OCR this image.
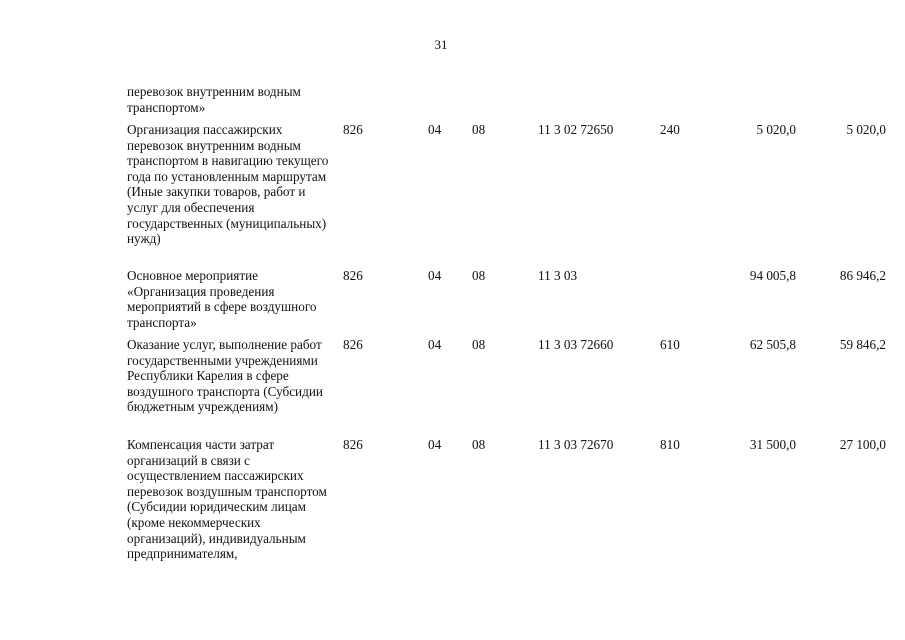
31
перевозок внутренним водным транспортом»
Организация пассажирских перевозок внутренним водным транспортом в навигацию текущего года по установленным маршрутам (Иные закупки товаров, работ и услуг для обеспечения государственных (муниципальных) нужд)
826	04 08	11 3 02 72650	240	5 020,0	5 020,0
Основное мероприятие «Организация проведения мероприятий в сфере воздушного транспорта»
826	04 08	11 3 03	94 005,8	86 946,2
Оказание услуг, выполнение работ государственными учреждениями Республики Карелия в сфере воздушного транспорта (Субсидии бюджетным учреждениям)
826	04 08	11 3 03 72660	610	62 505,8	59 846,2
Компенсация части затрат организаций в связи с осуществлением пассажирских перевозок воздушным транспортом (Субсидии юридическим лицам (кроме некоммерческих организаций), индивидуальным предпринимателям,
826	04 08	11 3 03 72670	810	31 500,0	27 100,0
